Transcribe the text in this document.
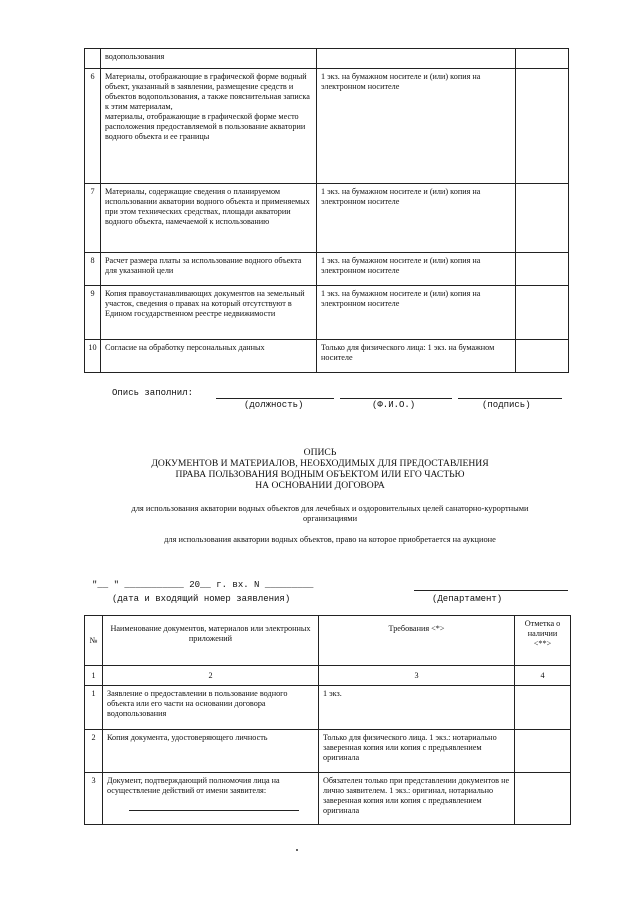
	водопользования		
6	Материалы, отображающие в графической форме водный объект, указанный в заявлении, размещение средств и объектов водопользования, а также пояснительная записка к этим материалам,
материалы, отображающие в графической форме место расположения предоставляемой в пользование акватории водного объекта и ее границы	1 экз. на бумажном носителе и (или) копия на электронном носителе	
7	Материалы, содержащие сведения о планируемом использовании акватории водного объекта и применяемых при этом технических средствах, площади акватории водного объекта, намечаемой к использованию	1 экз. на бумажном носителе и (или) копия на электронном носителе	
8	Расчет размера платы за использование водного объекта для указанной цели	1 экз. на бумажном носителе и (или) копия на электронном носителе	
9	Копия правоустанавливающих документов на земельный участок, сведения о правах на который отсутствуют в Едином государственном реестре недвижимости	1 экз. на бумажном носителе и (или) копия на электронном носителе	
10	Согласие на обработку персональных данных	Только для физического лица: 1 экз. на бумажном носителе	
Опись заполнил:
(должность)	(Ф.И.О.)	(подпись)
ОПИСЬ
ДОКУМЕНТОВ И МАТЕРИАЛОВ, НЕОБХОДИМЫХ ДЛЯ ПРЕДОСТАВЛЕНИЯ
ПРАВА ПОЛЬЗОВАНИЯ ВОДНЫМ ОБЪЕКТОМ ИЛИ ЕГО ЧАСТЬЮ
НА ОСНОВАНИИ ДОГОВОРА
для использования акватории водных объектов для лечебных и оздоровительных целей санаторно-курортными
организациями
для использования акватории водных объектов, право на которое приобретается на аукционе
"__ " ___________ 20__ г. вх. N _________
(дата и входящий номер заявления)	(Департамент)
№	Наименование документов, материалов или электронных приложений	Требования <*>	Отметка о наличии <**>
1	2	3	4
1	Заявление о предоставлении в пользование водного объекта или его части на основании договора водопользования	1 экз.	
2	Копия документа, удостоверяющего личность	Только для физического лица. 1 экз.: нотариально заверенная копия или копия с предъявлением оригинала	
3	Документ, подтверждающий полномочия лица на осуществление действий от имени заявителя:	Обязателен только при представлении документов не лично заявителем. 1 экз.: оригинал, нотариально заверенная копия или копия с предъявлением оригинала	
